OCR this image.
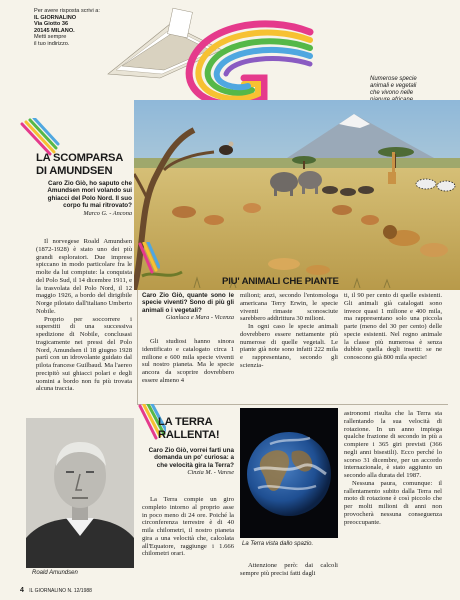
Per avere risposta scrivi a:
IL GIORNALINO
Via Giotto 36
20145 MILANO.
Metti sempre
il tuo indirizzo.
Numerose specie
animali e vegetali
che vivono nelle
LA SCOMPARSA
DI AMUNDSEN
Caro Zio Giò, ho saputo che Amundsen mori volando sui ghiacci del Polo Nord. Il suo corpo fu mai ritrovato?
Marco G. - Ancona

Il norvegese Roald Amundsen (1872-1928) è stato uno dei più grandi esploratori. Due imprese spiccano in modo particolare fra le molte da lui compiute: la conquista del Polo Sud, il 14 dicembre 1911, e la trasvolata del Polo Nord, il 12 maggio 1926, a bordo del dirigibile Norge pilotato dall'italiano Umberto Nobile.

Proprio per soccorrere i superstiti di una successiva spedizione di Nobile, conclusasi tragicamente nei pressi del Polo Nord, Amundsen il 18 giugno 1928 partì con un idrovolante guidato dal pilota francese Guilbaud. Ma l'aereo precipitò sui ghiacci polari e degli uomini a bordo non fu più trovata alcuna traccia.

PIU' ANIMALI CHE PIANTE
Caro Zio Giò, quante sono le specie viventi? Sono di più gli animali o i vegetali?
Gianluca e Mara - Vicenza

Gli studiosi hanno sinora identificato e catalogato circa 1 milione e 600 mila specie viventi sul nostro pianeta. Ma le specie ancora da scoprire dovrebbero essere almeno 4

milioni; anzi, secondo l'entomologa americana Terry Erwin, le specie viventi rimaste sconosciute sarebbero addirittura 30 milioni.

In ogni caso le specie animali dovrebbero essere nettamente più numerose di quelle vegetali. Le piante già note sono infatti 222 mila e rappresentano, secondo gli scienzia-

ti, il 90 per cento di quelle esistenti. Gli animali già catalogati sono invece quasi 1 milione e 400 mila, ma rappresentano solo una piccola parte (meno del 30 per cento) delle specie esistenti. Nel regno animale la classe più numerosa è senza dubbio quella degli insetti: se ne conoscono già 800 mila specie!

Roald Amundsen
LA TERRA
RALLENTA!
Caro Zio Giò, vorrei farti una domanda un po' curiosa: a che velocità gira la Terra?
Cinzia M. - Varese

La Terra compie un giro completo intorno al proprio asse in poco meno di 24 ore. Poiché la circonferenza terrestre è di 40 mila chilometri, il nostro pianeta gira a una velocità che, calcolata all'Equatore, raggiunge i 1.666 chilometri orari.

La Terra vista dallo spazio.

Attenzione però: dai calcoli sempre più precisi fatti dagli

astronomi risulta che la Terra sta rallentando la sua velocità di rotazione. In un anno impiega qualche frazione di secondo in più a compiere i 365 giri previsti (366 negli anni bisestili). Ecco perché lo scorso 31 dicembre, per un accordo internazionale, è stato aggiunto un secondo alla durata del 1987.

Nessuna paura, comunque: il rallentamento subito dalla Terra nel moto di rotazione è così piccolo che per molti milioni di anni non provocherà nessuna conseguenza preoccupante.

4 IL GIORNALINO N. 12/1988
